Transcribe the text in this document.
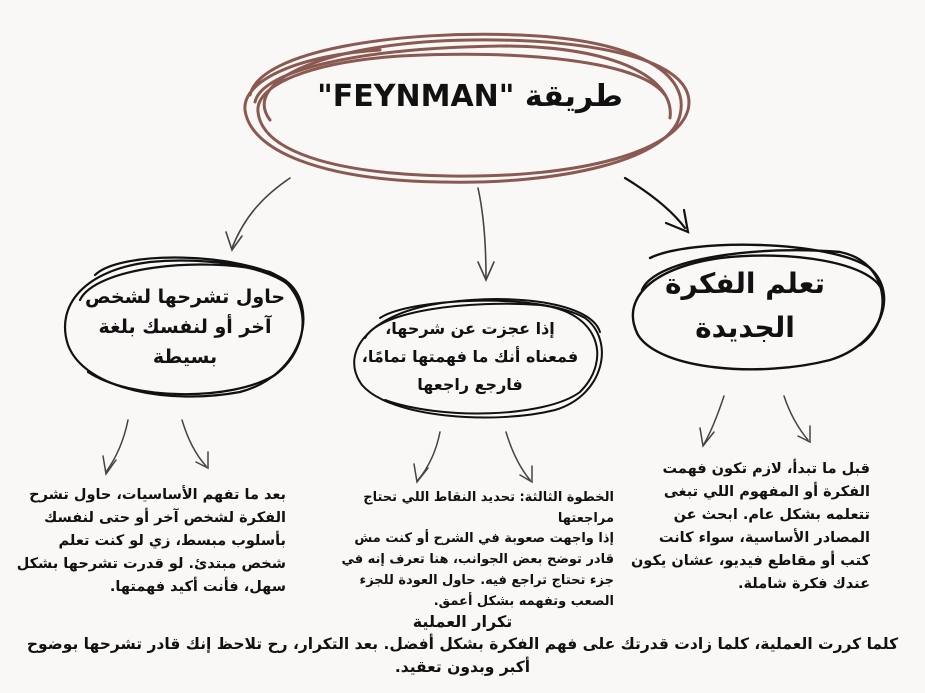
طريقة "FEYNMAN"
حاول تشرحها لشخص آخر أو لنفسك بلغة بسيطة
إذا عجزت عن شرحها، فمعناه أنك ما فهمتها تمامًا، فارجع راجعها
تعلم الفكرة الجديدة
بعد ما تفهم الأساسيات، حاول تشرح الفكرة لشخص آخر أو حتى لنفسك بأسلوب مبسط، زي لو كنت تعلم شخص مبتدئ. لو قدرت تشرحها بشكل سهل، فأنت أكيد فهمتها.
الخطوة الثالثة: تحديد النقاط اللي تحتاج مراجعتها
إذا واجهت صعوبة في الشرح أو كنت مش قادر توضح بعض الجوانب، هنا تعرف إنه في جزء تحتاج تراجع فيه. حاول العودة للجزء الصعب وتفهمه بشكل أعمق.
قبل ما تبدأ، لازم تكون فهمت الفكرة أو المفهوم اللي تبغى تتعلمه بشكل عام. ابحث عن المصادر الأساسية، سواء كانت كتب أو مقاطع فيديو، عشان يكون عندك فكرة شاملة.
تكرار العملية
كلما كررت العملية، كلما زادت قدرتك على فهم الفكرة بشكل أفضل. بعد التكرار، رح تلاحظ إنك قادر تشرحها بوضوح أكبر وبدون تعقيد.
